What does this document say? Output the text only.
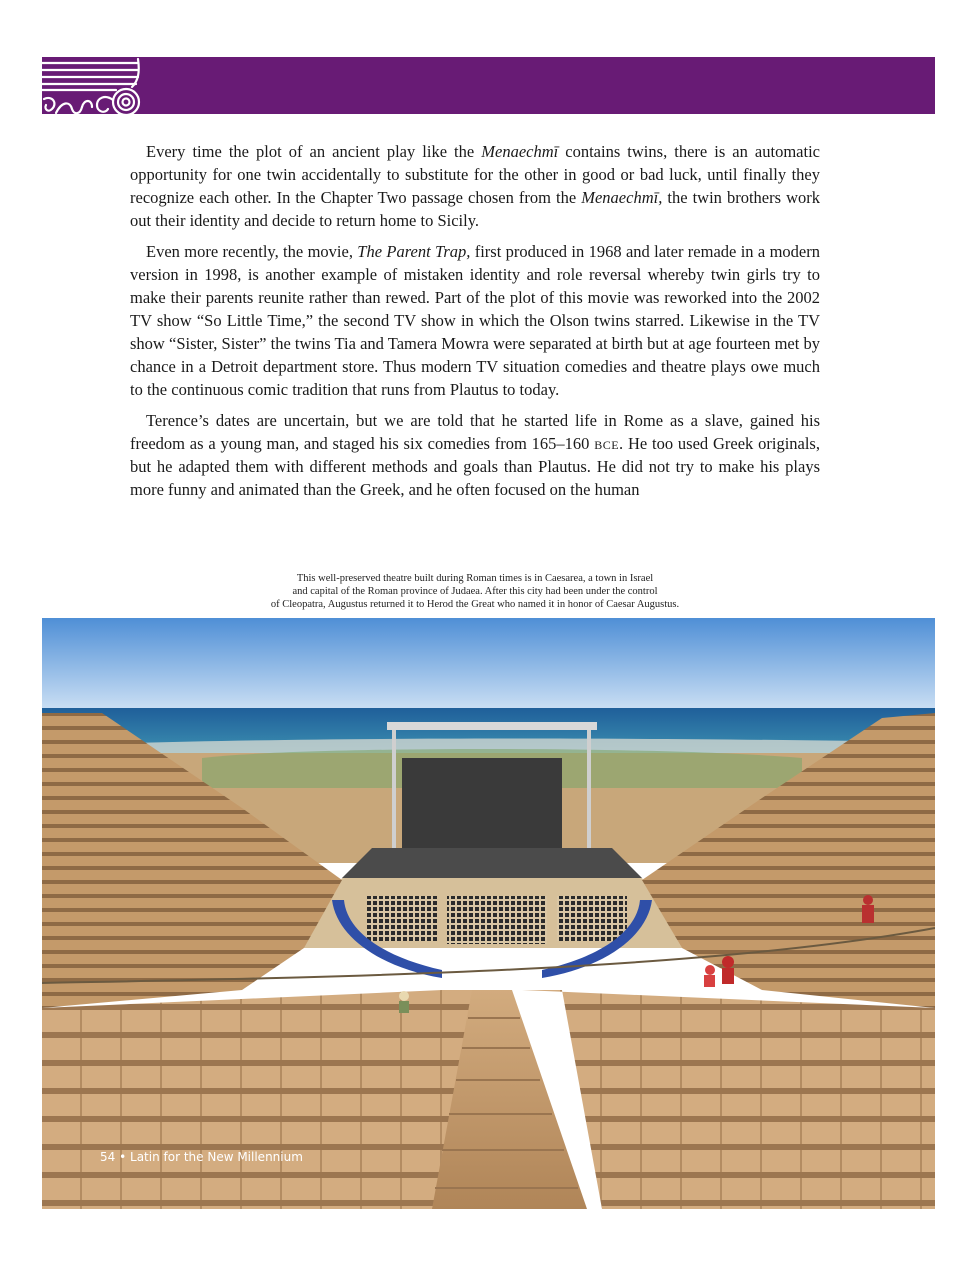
Every time the plot of an ancient play like the Menaechmī contains twins, there is an automatic opportunity for one twin accidentally to substitute for the other in good or bad luck, until finally they recognize each other. In the Chapter Two passage chosen from the Menaechmī, the twin brothers work out their identity and decide to return home to Sicily.

Even more recently, the movie, The Parent Trap, first produced in 1968 and later remade in a modern version in 1998, is another example of mistaken identity and role reversal whereby twin girls try to make their parents reunite rather than rewed. Part of the plot of this movie was reworked into the 2002 TV show “So Little Time,” the second TV show in which the Olson twins starred. Likewise in the TV show “Sister, Sister” the twins Tia and Tamera Mowra were separated at birth but at age fourteen met by chance in a Detroit department store. Thus modern TV situation comedies and theatre plays owe much to the continuous comic tradition that runs from Plautus to today.

Terence’s dates are uncertain, but we are told that he started life in Rome as a slave, gained his freedom as a young man, and staged his six comedies from 165–160 bce. He too used Greek originals, but he adapted them with different methods and goals than Plautus. He did not try to make his plays more funny and animated than the Greek, and he often focused on the human

This well-preserved theatre built during Roman times is in Caesarea, a town in Israel
and capital of the Roman province of Judaea. After this city had been under the control
of Cleopatra, Augustus returned it to Herod the Great who named it in honor of Caesar Augustus.
54 • Latin for the New Millennium
